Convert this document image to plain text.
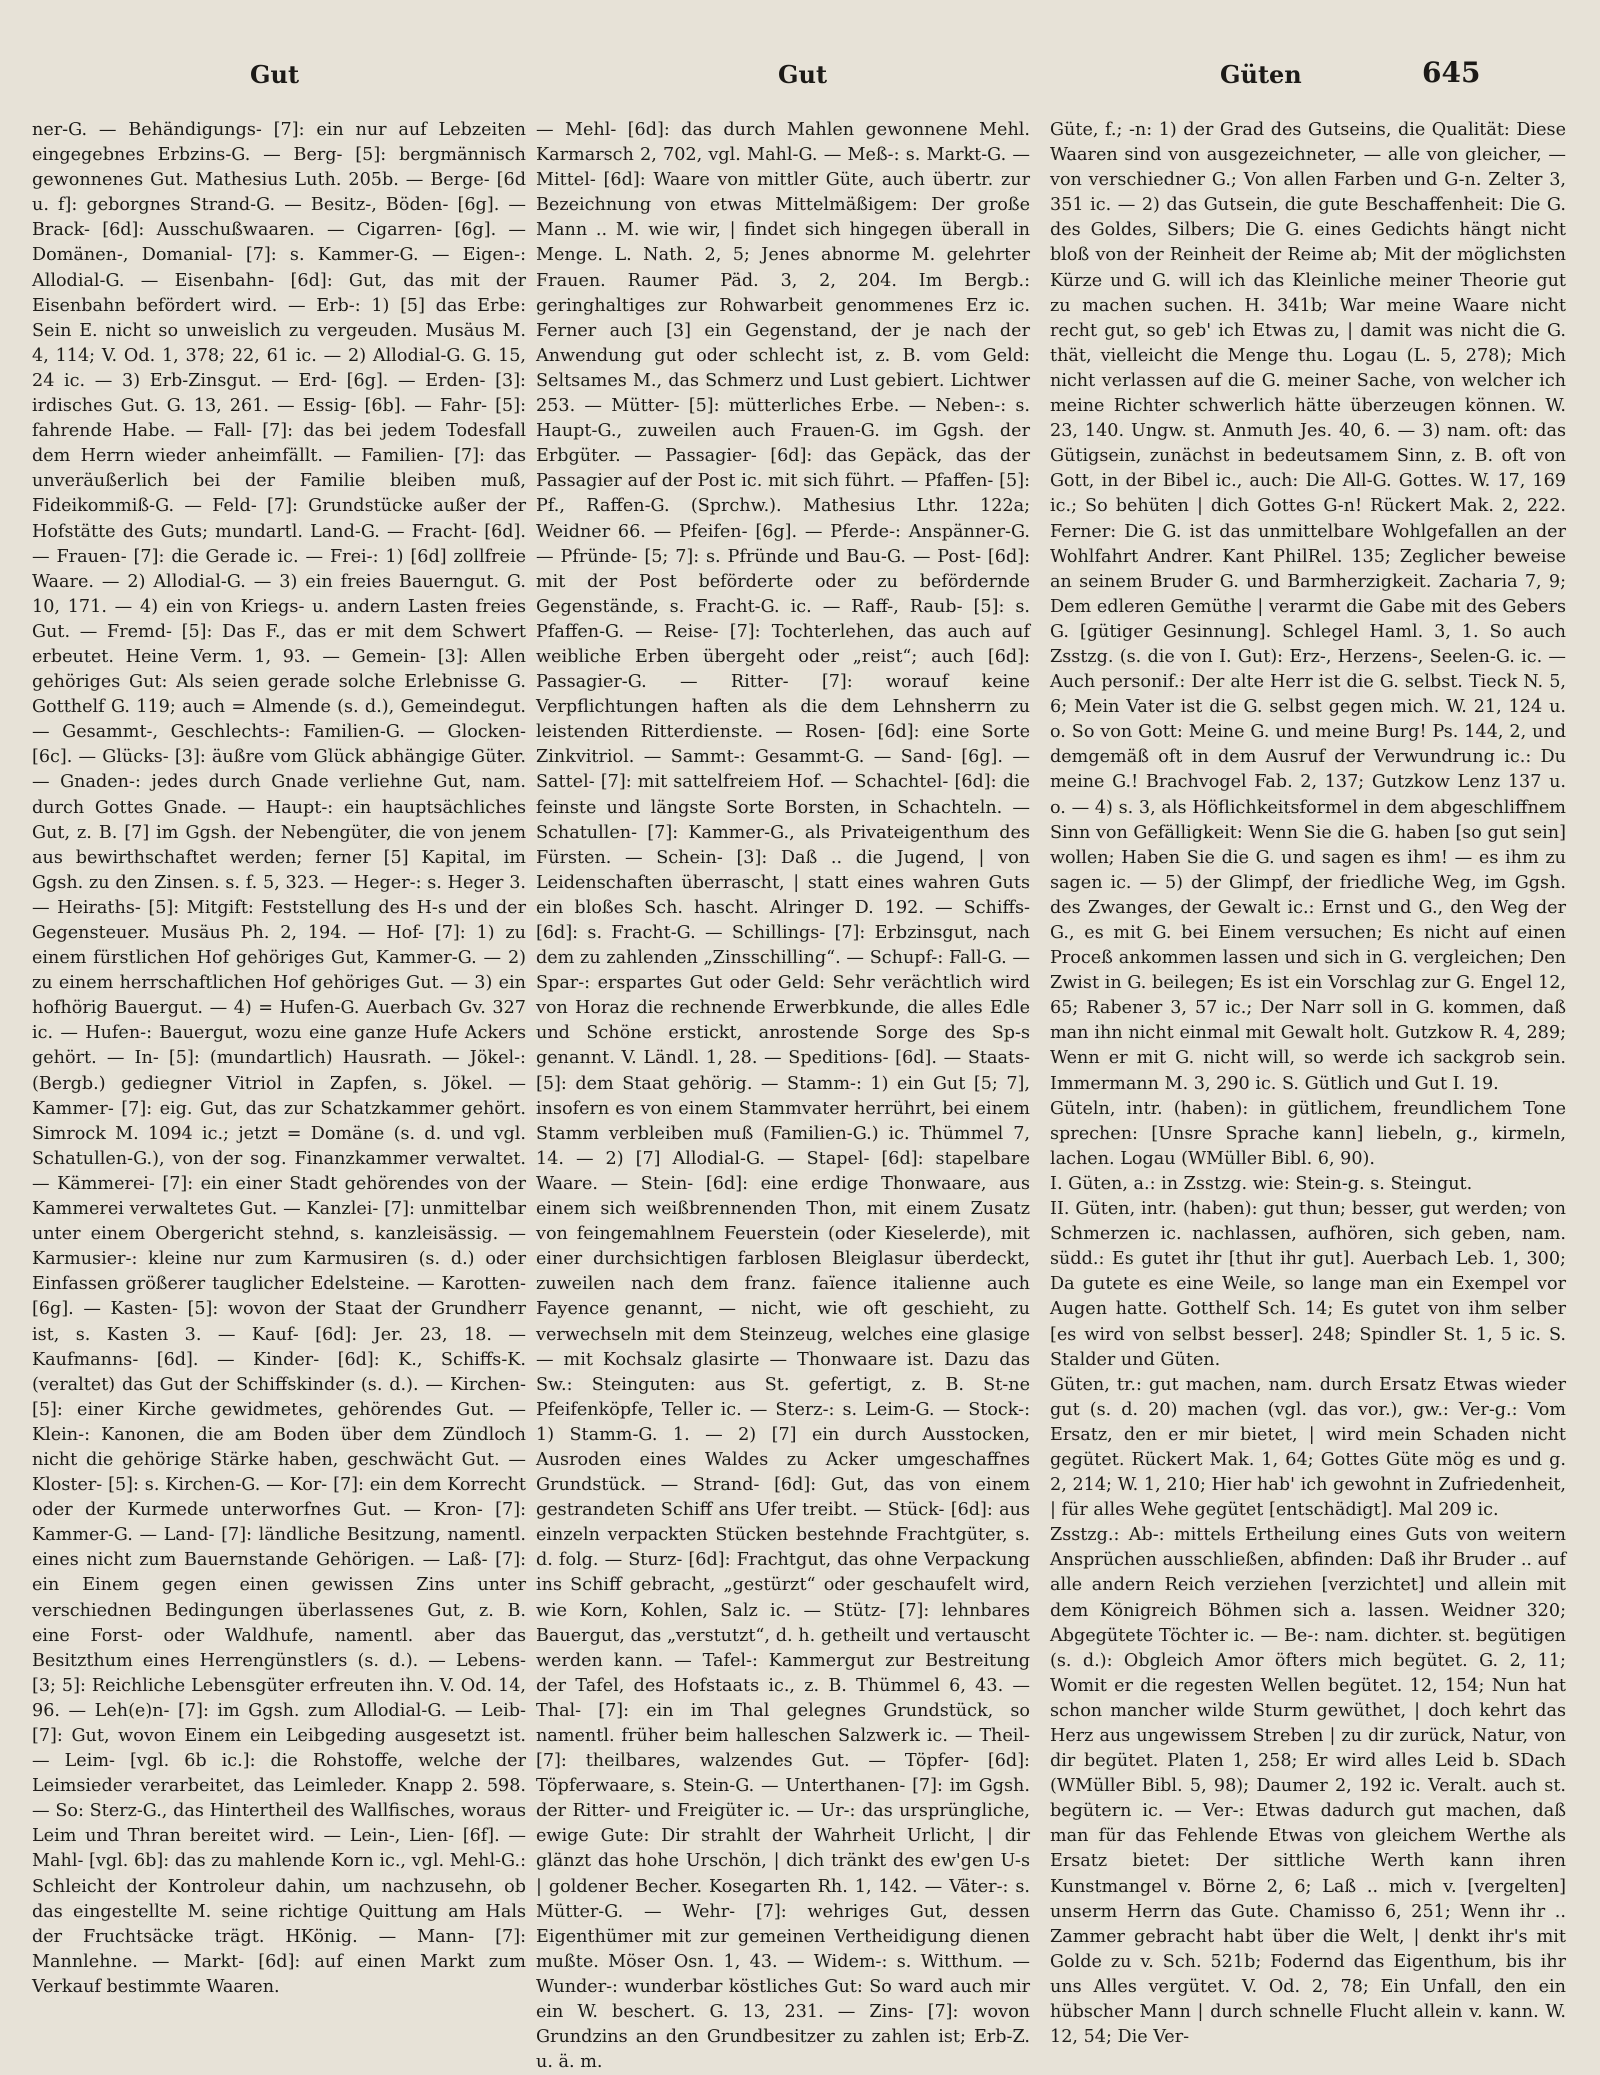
Gut	Gut	Güten	645

ner-G. — Behändigungs- [7]: ein nur auf Lebzeiten eingegebnes Erbzins-G. — Berg- [5]: bergmännisch gewonnenes Gut. Mathesius Luth. 205b. — Berge- [6d u. f]: geborgnes Strand-G. — Besitz-, Böden- [6g]. — Brack- [6d]: Ausschußwaaren. — Cigarren- [6g]. — Domänen-, Domanial- [7]: s. Kammer-G. — Eigen-: Allodial-G. — Eisenbahn- [6d]: Gut, das mit der Eisenbahn befördert wird. — Erb-: 1) [5] das Erbe: Sein E. nicht so unweislich zu vergeuden. Musäus M. 4, 114; V. Od. 1, 378; 22, 61 ic. — 2) Allodial-G. G. 15, 24 ic. — 3) Erb-Zinsgut. — Erd- [6g]. — Erden- [3]: irdisches Gut. G. 13, 261. — Essig- [6b]. — Fahr- [5]: fahrende Habe. — Fall- [7]: das bei jedem Todesfall dem Herrn wieder anheimfällt. — Familien- [7]: das unveräußerlich bei der Familie bleiben muß, Fideikommiß-G. — Feld- [7]: Grundstücke außer der Hofstätte des Guts; mundartl. Land-G. — Fracht- [6d]. — Frauen- [7]: die Gerade ic. — Frei-: 1) [6d] zollfreie Waare. — 2) Allodial-G. — 3) ein freies Bauerngut. G. 10, 171. — 4) ein von Kriegs- u. andern Lasten freies Gut. — Fremd- [5]: Das F., das er mit dem Schwert erbeutet. Heine Verm. 1, 93. — Gemein- [3]: Allen gehöriges Gut: Als seien gerade solche Erlebnisse G. Gotthelf G. 119; auch = Almende (s. d.), Gemeindegut. — Gesammt-, Geschlechts-: Familien-G. — Glocken- [6c]. — Glücks- [3]: äußre vom Glück abhängige Güter. — Gnaden-: jedes durch Gnade verliehne Gut, nam. durch Gottes Gnade. — Haupt-: ein hauptsächliches Gut, z. B. [7] im Ggsh. der Nebengüter, die von jenem aus bewirthschaftet werden; ferner [5] Kapital, im Ggsh. zu den Zinsen. s. f. 5, 323. — Heger-: s. Heger 3. — Heiraths- [5]: Mitgift: Feststellung des H-s und der Gegensteuer. Musäus Ph. 2, 194. — Hof- [7]: 1) zu einem fürstlichen Hof gehöriges Gut, Kammer-G. — 2) zu einem herrschaftlichen Hof gehöriges Gut. — 3) ein hofhörig Bauergut. — 4) = Hufen-G. Auerbach Gv. 327 ic. — Hufen-: Bauergut, wozu eine ganze Hufe Ackers gehört. — In- [5]: (mundartlich) Hausrath. — Jökel-: (Bergb.) gediegner Vitriol in Zapfen, s. Jökel. — Kammer- [7]: eig. Gut, das zur Schatzkammer gehört. Simrock M. 1094 ic.; jetzt = Domäne (s. d. und vgl. Schatullen-G.), von der sog. Finanzkammer verwaltet. — Kämmerei- [7]: ein einer Stadt gehörendes von der Kammerei verwaltetes Gut. — Kanzlei- [7]: unmittelbar unter einem Obergericht stehnd, s. kanzleisässig. — Karmusier-: kleine nur zum Karmusiren (s. d.) oder Einfassen größerer tauglicher Edelsteine. — Karotten- [6g]. — Kasten- [5]: wovon der Staat der Grundherr ist, s. Kasten 3. — Kauf- [6d]: Jer. 23, 18. — Kaufmanns- [6d]. — Kinder- [6d]: K., Schiffs-K. (veraltet) das Gut der Schiffskinder (s. d.). — Kirchen- [5]: einer Kirche gewidmetes, gehörendes Gut. — Klein-: Kanonen, die am Boden über dem Zündloch nicht die gehörige Stärke haben, geschwächt Gut. — Kloster- [5]: s. Kirchen-G. — Kor- [7]: ein dem Korrecht oder der Kurmede unterworfnes Gut. — Kron- [7]: Kammer-G. — Land- [7]: ländliche Besitzung, namentl. eines nicht zum Bauernstande Gehörigen. — Laß- [7]: ein Einem gegen einen gewissen Zins unter verschiednen Bedingungen überlassenes Gut, z. B. eine Forst- oder Waldhufe, namentl. aber das Besitzthum eines Herrengünstlers (s. d.). — Lebens- [3; 5]: Reichliche Lebensgüter erfreuten ihn. V. Od. 14, 96. — Leh(e)n- [7]: im Ggsh. zum Allodial-G. — Leib- [7]: Gut, wovon Einem ein Leibgeding ausgesetzt ist. — Leim- [vgl. 6b ic.]: die Rohstoffe, welche der Leimsieder verarbeitet, das Leimleder. Knapp 2. 598. — So: Sterz-G., das Hintertheil des Wallfisches, woraus Leim und Thran bereitet wird. — Lein-, Lien- [6f]. — Mahl- [vgl. 6b]: das zu mahlende Korn ic., vgl. Mehl-G.: Schleicht der Kontroleur dahin, um nachzusehn, ob das eingestellte M. seine richtige Quittung am Hals der Fruchtsäcke trägt. HKönig. — Mann- [7]: Mannlehne. — Markt- [6d]: auf einen Markt zum Verkauf bestimmte Waaren.

— Mehl- [6d]: das durch Mahlen gewonnene Mehl. Karmarsch 2, 702, vgl. Mahl-G. — Meß-: s. Markt-G. — Mittel- [6d]: Waare von mittler Güte, auch übertr. zur Bezeichnung von etwas Mittelmäßigem: Der große Mann .. M. wie wir, | findet sich hingegen überall in Menge. L. Nath. 2, 5; Jenes abnorme M. gelehrter Frauen. Raumer Päd. 3, 2, 204. Im Bergb.: geringhaltiges zur Rohwarbeit genommenes Erz ic. Ferner auch [3] ein Gegenstand, der je nach der Anwendung gut oder schlecht ist, z. B. vom Geld: Seltsames M., das Schmerz und Lust gebiert. Lichtwer 253. — Mütter- [5]: mütterliches Erbe. — Neben-: s. Haupt-G., zuweilen auch Frauen-G. im Ggsh. der Erbgüter. — Passagier- [6d]: das Gepäck, das der Passagier auf der Post ic. mit sich führt. — Pfaffen- [5]: Pf., Raffen-G. (Sprchw.). Mathesius Lthr. 122a; Weidner 66. — Pfeifen- [6g]. — Pferde-: Anspänner-G. — Pfründe- [5; 7]: s. Pfründe und Bau-G. — Post- [6d]: mit der Post beförderte oder zu befördernde Gegenstände, s. Fracht-G. ic. — Raff-, Raub- [5]: s. Pfaffen-G. — Reise- [7]: Tochterlehen, das auch auf weibliche Erben übergeht oder „reist“; auch [6d]: Passagier-G. — Ritter- [7]: worauf keine Verpflichtungen haften als die dem Lehnsherrn zu leistenden Ritterdienste. — Rosen- [6d]: eine Sorte Zinkvitriol. — Sammt-: Gesammt-G. — Sand- [6g]. — Sattel- [7]: mit sattelfreiem Hof. — Schachtel- [6d]: die feinste und längste Sorte Borsten, in Schachteln. — Schatullen- [7]: Kammer-G., als Privateigenthum des Fürsten. — Schein- [3]: Daß .. die Jugend, | von Leidenschaften überrascht, | statt eines wahren Guts ein bloßes Sch. hascht. Alringer D. 192. — Schiffs- [6d]: s. Fracht-G. — Schillings- [7]: Erbzinsgut, nach dem zu zahlenden „Zinsschilling“. — Schupf-: Fall-G. — Spar-: erspartes Gut oder Geld: Sehr verächtlich wird von Horaz die rechnende Erwerbkunde, die alles Edle und Schöne erstickt, anrostende Sorge des Sp-s genannt. V. Ländl. 1, 28. — Speditions- [6d]. — Staats- [5]: dem Staat gehörig. — Stamm-: 1) ein Gut [5; 7], insofern es von einem Stammvater herrührt, bei einem Stamm verbleiben muß (Familien-G.) ic. Thümmel 7, 14. — 2) [7] Allodial-G. — Stapel- [6d]: stapelbare Waare. — Stein- [6d]: eine erdige Thonwaare, aus einem sich weißbrennenden Thon, mit einem Zusatz von feingemahlnem Feuerstein (oder Kieselerde), mit einer durchsichtigen farblosen Bleiglasur überdeckt, zuweilen nach dem franz. faïence italienne auch Fayence genannt, — nicht, wie oft geschieht, zu verwechseln mit dem Steinzeug, welches eine glasige — mit Kochsalz glasirte — Thonwaare ist. Dazu das Sw.: Steinguten: aus St. gefertigt, z. B. St-ne Pfeifenköpfe, Teller ic. — Sterz-: s. Leim-G. — Stock-: 1) Stamm-G. 1. — 2) [7] ein durch Ausstocken, Ausroden eines Waldes zu Acker umgeschaffnes Grundstück. — Strand- [6d]: Gut, das von einem gestrandeten Schiff ans Ufer treibt. — Stück- [6d]: aus einzeln verpackten Stücken bestehnde Frachtgüter, s. d. folg. — Sturz- [6d]: Frachtgut, das ohne Verpackung ins Schiff gebracht, „gestürzt“ oder geschaufelt wird, wie Korn, Kohlen, Salz ic. — Stütz- [7]: lehnbares Bauergut, das „verstutzt“, d. h. getheilt und vertauscht werden kann. — Tafel-: Kammergut zur Bestreitung der Tafel, des Hofstaats ic., z. B. Thümmel 6, 43. — Thal- [7]: ein im Thal gelegnes Grundstück, so namentl. früher beim halleschen Salzwerk ic. — Theil- [7]: theilbares, walzendes Gut. — Töpfer- [6d]: Töpferwaare, s. Stein-G. — Unterthanen- [7]: im Ggsh. der Ritter- und Freigüter ic. — Ur-: das ursprüngliche, ewige Gute: Dir strahlt der Wahrheit Urlicht, | dir glänzt das hohe Urschön, | dich tränkt des ew'gen U-s | goldener Becher. Kosegarten Rh. 1, 142. — Väter-: s. Mütter-G. — Wehr- [7]: wehriges Gut, dessen Eigenthümer mit zur gemeinen Vertheidigung dienen mußte. Möser Osn. 1, 43. — Widem-: s. Witthum. — Wunder-: wunderbar köstliches Gut: So ward auch mir ein W. beschert. G. 13, 231. — Zins- [7]: wovon Grundzins an den Grundbesitzer zu zahlen ist; Erb-Z. u. ä. m.

Güte, f.; -n: 1) der Grad des Gutseins, die Qualität: Diese Waaren sind von ausgezeichneter, — alle von gleicher, — von verschiedner G.; Von allen Farben und G-n. Zelter 3, 351 ic. — 2) das Gutsein, die gute Beschaffenheit: Die G. des Goldes, Silbers; Die G. eines Gedichts hängt nicht bloß von der Reinheit der Reime ab; Mit der möglichsten Kürze und G. will ich das Kleinliche meiner Theorie gut zu machen suchen. H. 341b; War meine Waare nicht recht gut, so geb' ich Etwas zu, | damit was nicht die G. thät, vielleicht die Menge thu. Logau (L. 5, 278); Mich nicht verlassen auf die G. meiner Sache, von welcher ich meine Richter schwerlich hätte überzeugen können. W. 23, 140. Ungw. st. Anmuth Jes. 40, 6. — 3) nam. oft: das Gütigsein, zunächst in bedeutsamem Sinn, z. B. oft von Gott, in der Bibel ic., auch: Die All-G. Gottes. W. 17, 169 ic.; So behüten | dich Gottes G-n! Rückert Mak. 2, 222. Ferner: Die G. ist das unmittelbare Wohlgefallen an der Wohlfahrt Andrer. Kant PhilRel. 135; Zeglicher beweise an seinem Bruder G. und Barmherzigkeit. Zacharia 7, 9; Dem edleren Gemüthe | verarmt die Gabe mit des Gebers G. [gütiger Gesinnung]. Schlegel Haml. 3, 1. So auch Zsstzg. (s. die von I. Gut): Erz-, Herzens-, Seelen-G. ic. — Auch personif.: Der alte Herr ist die G. selbst. Tieck N. 5, 6; Mein Vater ist die G. selbst gegen mich. W. 21, 124 u. o. So von Gott: Meine G. und meine Burg! Ps. 144, 2, und demgemäß oft in dem Ausruf der Verwundrung ic.: Du meine G.! Brachvogel Fab. 2, 137; Gutzkow Lenz 137 u. o. — 4) s. 3, als Höflichkeitsformel in dem abgeschliffnem Sinn von Gefälligkeit: Wenn Sie die G. haben [so gut sein] wollen; Haben Sie die G. und sagen es ihm! — es ihm zu sagen ic. — 5) der Glimpf, der friedliche Weg, im Ggsh. des Zwanges, der Gewalt ic.: Ernst und G., den Weg der G., es mit G. bei Einem versuchen; Es nicht auf einen Proceß ankommen lassen und sich in G. vergleichen; Den Zwist in G. beilegen; Es ist ein Vorschlag zur G. Engel 12, 65; Rabener 3, 57 ic.; Der Narr soll in G. kommen, daß man ihn nicht einmal mit Gewalt holt. Gutzkow R. 4, 289; Wenn er mit G. nicht will, so werde ich sackgrob sein. Immermann M. 3, 290 ic. S. Gütlich und Gut I. 19.

Güteln, intr. (haben): in gütlichem, freundlichem Tone sprechen: [Unsre Sprache kann] liebeln, g., kirmeln, lachen. Logau (WMüller Bibl. 6, 90).

I. Güten, a.: in Zsstzg. wie: Stein-g. s. Steingut.

II. Güten, intr. (haben): gut thun; besser, gut werden; von Schmerzen ic. nachlassen, aufhören, sich geben, nam. südd.: Es gutet ihr [thut ihr gut]. Auerbach Leb. 1, 300; Da gutete es eine Weile, so lange man ein Exempel vor Augen hatte. Gotthelf Sch. 14; Es gutet von ihm selber [es wird von selbst besser]. 248; Spindler St. 1, 5 ic. S. Stalder und Güten.

Güten, tr.: gut machen, nam. durch Ersatz Etwas wieder gut (s. d. 20) machen (vgl. das vor.), gw.: Ver-g.: Vom Ersatz, den er mir bietet, | wird mein Schaden nicht gegütet. Rückert Mak. 1, 64; Gottes Güte mög es und g. 2, 214; W. 1, 210; Hier hab' ich gewohnt in Zufriedenheit, | für alles Wehe gegütet [entschädigt]. Mal 209 ic.

Zsstzg.: Ab-: mittels Ertheilung eines Guts von weitern Ansprüchen ausschließen, abfinden: Daß ihr Bruder .. auf alle andern Reich verziehen [verzichtet] und allein mit dem Königreich Böhmen sich a. lassen. Weidner 320; Abgegütete Töchter ic. — Be-: nam. dichter. st. begütigen (s. d.): Obgleich Amor öfters mich begütet. G. 2, 11; Womit er die regesten Wellen begütet. 12, 154; Nun hat schon mancher wilde Sturm gewüthet, | doch kehrt das Herz aus ungewissem Streben | zu dir zurück, Natur, von dir begütet. Platen 1, 258; Er wird alles Leid b. SDach (WMüller Bibl. 5, 98); Daumer 2, 192 ic. Veralt. auch st. begütern ic. — Ver-: Etwas dadurch gut machen, daß man für das Fehlende Etwas von gleichem Werthe als Ersatz bietet: Der sittliche Werth kann ihren Kunstmangel v. Börne 2, 6; Laß .. mich v. [vergelten] unserm Herrn das Gute. Chamisso 6, 251; Wenn ihr .. Zammer gebracht habt über die Welt, | denkt ihr's mit Golde zu v. Sch. 521b; Fodernd das Eigenthum, bis ihr uns Alles vergütet. V. Od. 2, 78; Ein Unfall, den ein hübscher Mann | durch schnelle Flucht allein v. kann. W. 12, 54; Die Ver-
